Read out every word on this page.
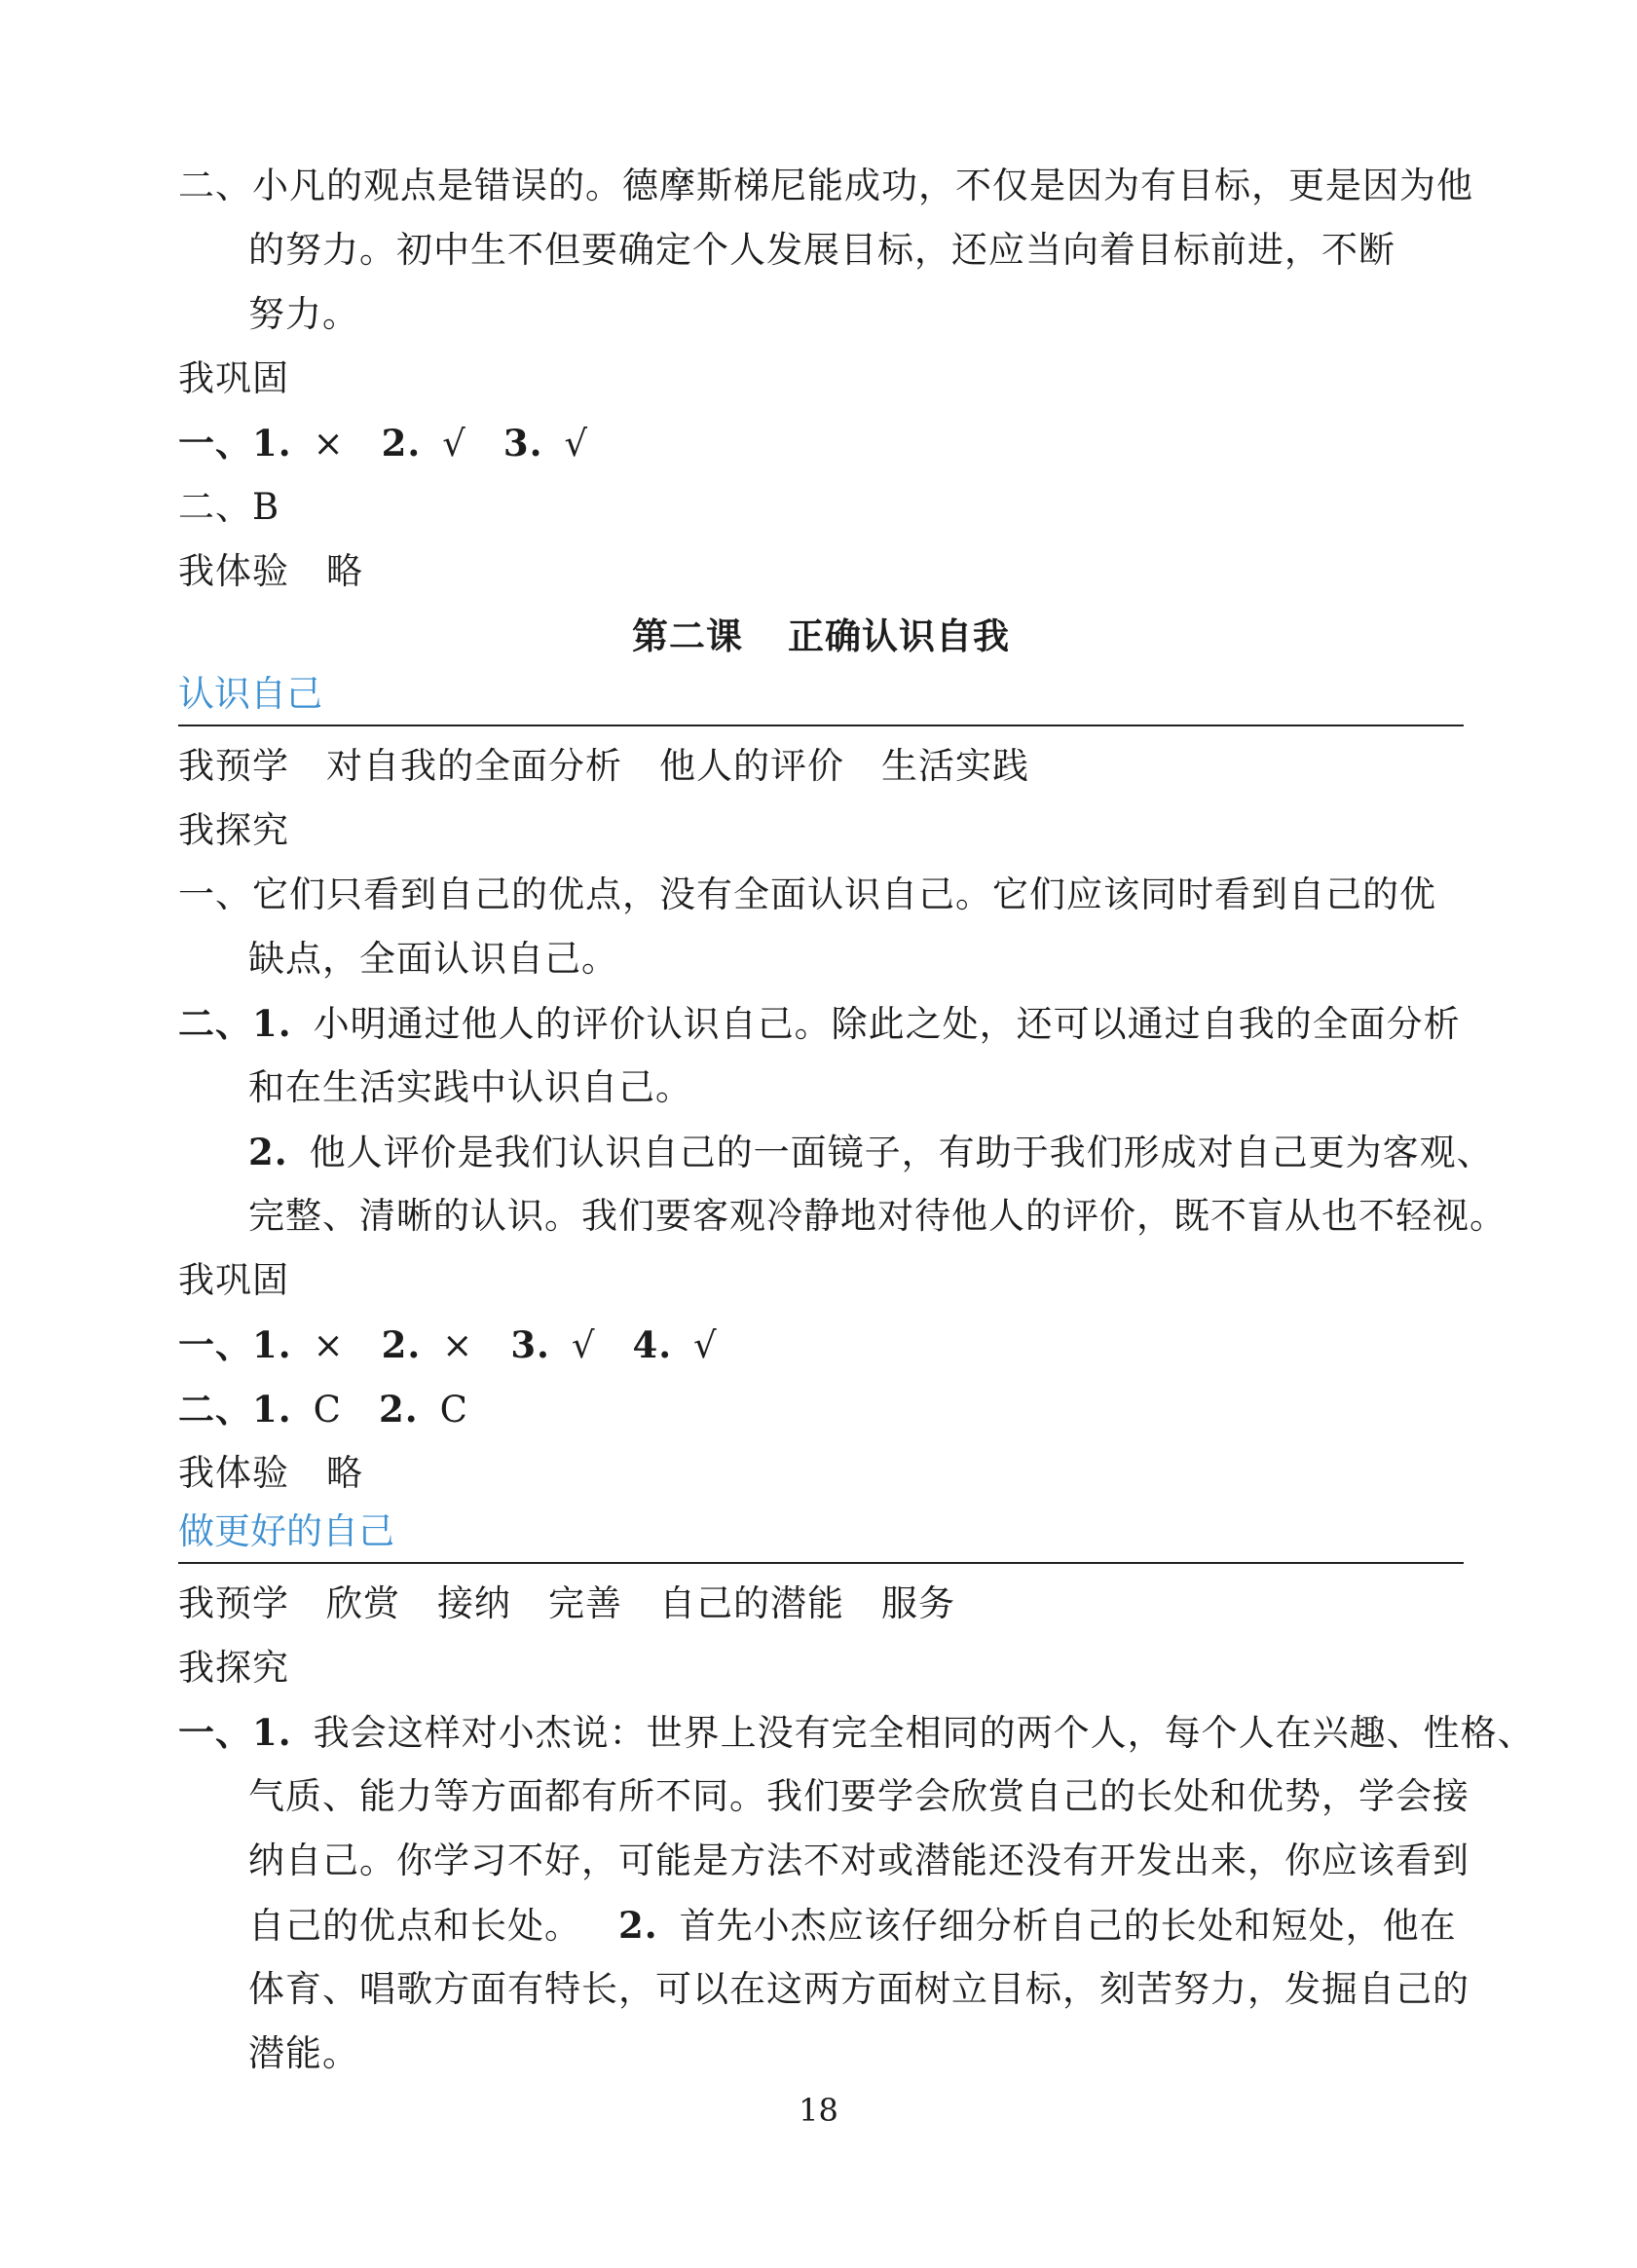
二、小凡的观点是错误的。德摩斯梯尼能成功，不仅是因为有目标，更是因为他
的努力。初中生不但要确定个人发展目标，还应当向着目标前进，不断
努力。
我巩固
一、1. × 2. √ 3. √
二、B
我体验 略
第二课 正确认识自我
认识自己
我预学 对自我的全面分析 他人的评价 生活实践
我探究
一、它们只看到自己的优点，没有全面认识自己。它们应该同时看到自己的优
缺点，全面认识自己。
二、1. 小明通过他人的评价认识自己。除此之处，还可以通过自我的全面分析
和在生活实践中认识自己。
2. 他人评价是我们认识自己的一面镜子，有助于我们形成对自己更为客观、
完整、清晰的认识。我们要客观冷静地对待他人的评价，既不盲从也不轻视。
我巩固
一、1. × 2. × 3. √ 4. √
二、1. C 2. C
我体验 略
做更好的自己
我预学 欣赏 接纳 完善 自己的潜能 服务
我探究
一、1. 我会这样对小杰说：世界上没有完全相同的两个人，每个人在兴趣、性格、
气质、能力等方面都有所不同。我们要学会欣赏自己的长处和优势，学会接
纳自己。你学习不好，可能是方法不对或潜能还没有开发出来，你应该看到
自己的优点和长处。 2. 首先小杰应该仔细分析自己的长处和短处，他在
体育、唱歌方面有特长，可以在这两方面树立目标，刻苦努力，发掘自己的
潜能。
18
